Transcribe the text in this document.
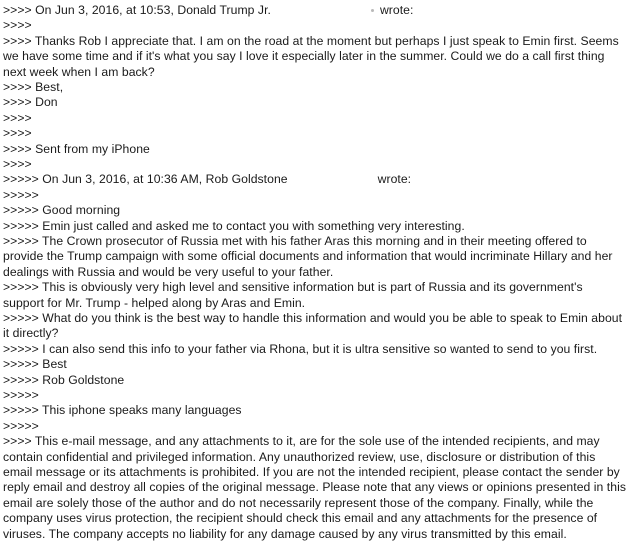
>>>> On Jun 3, 2016, at 10:53, Donald Trump Jr.	wrote:
>>>>
>>>> Thanks Rob I appreciate that. I am on the road at the moment but perhaps I just speak to Emin first. Seems we have some time and if it's what you say I love it especially later in the summer. Could we do a call first thing next week when I am back?
>>>> Best,
>>>> Don
>>>>
>>>>
>>>> Sent from my iPhone
>>>>
>>>>> On Jun 3, 2016, at 10:36 AM, Rob Goldstone	wrote:
>>>>>
>>>>> Good morning
>>>>> Emin just called and asked me to contact you with something very interesting.
>>>>> The Crown prosecutor of Russia met with his father Aras this morning and in their meeting offered to provide the Trump campaign with some official documents and information that would incriminate Hillary and her dealings with Russia and would be very useful to your father.
>>>>> This is obviously very high level and sensitive information but is part of Russia and its government's support for Mr. Trump - helped along by Aras and Emin.
>>>>> What do you think is the best way to handle this information and would you be able to speak to Emin about it directly?
>>>>> I can also send this info to your father via Rhona, but it is ultra sensitive so wanted to send to you first.
>>>>> Best
>>>>> Rob Goldstone
>>>>>
>>>>> This iphone speaks many languages
>>>>>
>>>> This e-mail message, and any attachments to it, are for the sole use of the intended recipients, and may contain confidential and privileged information. Any unauthorized review, use, disclosure or distribution of this email message or its attachments is prohibited. If you are not the intended recipient, please contact the sender by reply email and destroy all copies of the original message. Please note that any views or opinions presented in this email are solely those of the author and do not necessarily represent those of the company. Finally, while the company uses virus protection, the recipient should check this email and any attachments for the presence of viruses. The company accepts no liability for any damage caused by any virus transmitted by this email.
